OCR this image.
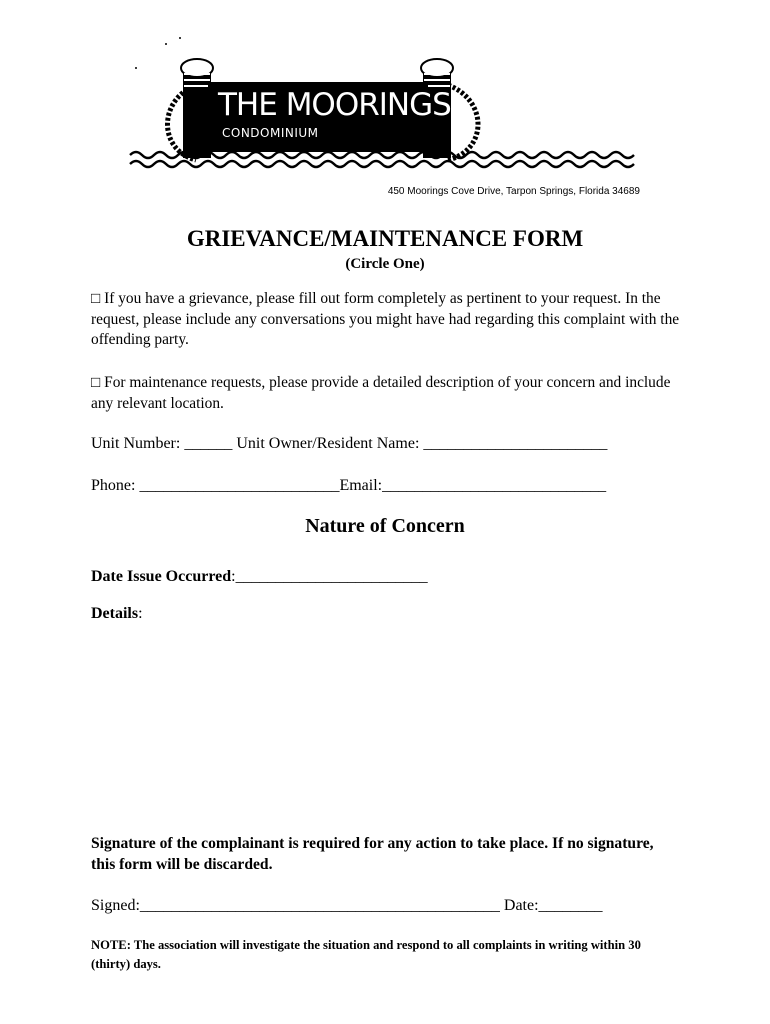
THE MOORINGS
CONDOMINIUM
450 Moorings Cove Drive, Tarpon Springs, Florida 34689
GRIEVANCE/MAINTENANCE FORM
(Circle One)
□ If you have a grievance, please fill out form completely as pertinent to your request. In the request, please include any conversations you might have had regarding this complaint with the offending party.
□ For maintenance requests, please provide a detailed description of your concern and include any relevant location.
Unit Number: ______ Unit Owner/Resident Name: _______________________
Phone: _________________________Email:____________________________
Nature of Concern
Date Issue Occurred:________________________
Details:
Signature of the complainant is required for any action to take place. If no signature, this form will be discarded.
Signed:_____________________________________________ Date:________
NOTE: The association will investigate the situation and respond to all complaints in writing within 30 (thirty) days.
